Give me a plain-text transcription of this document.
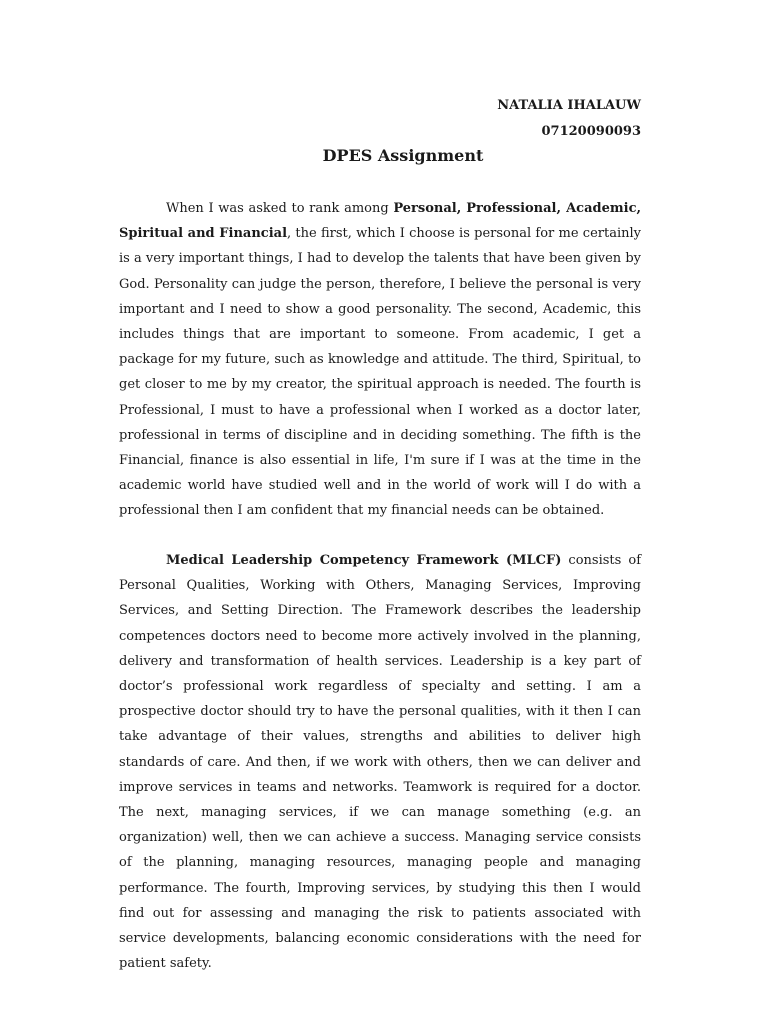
NATALIA IHALAUW
07120090093
DPES Assignment

When I was asked to rank among Personal, Professional, Academic, Spiritual and Financial, the first, which I choose is personal for me certainly is a very important things, I had to develop the talents that have been given by God. Personality can judge the person, therefore, I believe the personal is very important and I need to show a good personality. The second, Academic, this includes things that are important to someone. From academic, I get a package for my future, such as knowledge and attitude. The third, Spiritual, to get closer to me by my creator, the spiritual approach is needed. The fourth is Professional, I must to have a professional when I worked as a doctor later, professional in terms of discipline and in deciding something. The fifth is the Financial, finance is also essential in life, I'm sure if I was at the time in the academic world have studied well and in the world of work will I do with a professional then I am confident that my financial needs can be obtained.

Medical Leadership Competency Framework (MLCF) consists of Personal Qualities, Working with Others, Managing Services, Improving Services, and Setting Direction. The Framework describes the leadership competences doctors need to become more actively involved in the planning, delivery and transformation of health services. Leadership is a key part of doctor’s professional work regardless of specialty and setting. I am a prospective doctor should try to have the personal qualities, with it then I can take advantage of their values, strengths and abilities to deliver high standards of care. And then, if we work with others, then we can deliver and improve services in teams and networks. Teamwork is required for a doctor. The next, managing services, if we can manage something (e.g. an organization) well, then we can achieve a success. Managing service consists of the planning, managing resources, managing people and managing performance. The fourth, Improving services, by studying this then I would find out for assessing and managing the risk to patients associated with service developments, balancing economic considerations with the need for patient safety.
